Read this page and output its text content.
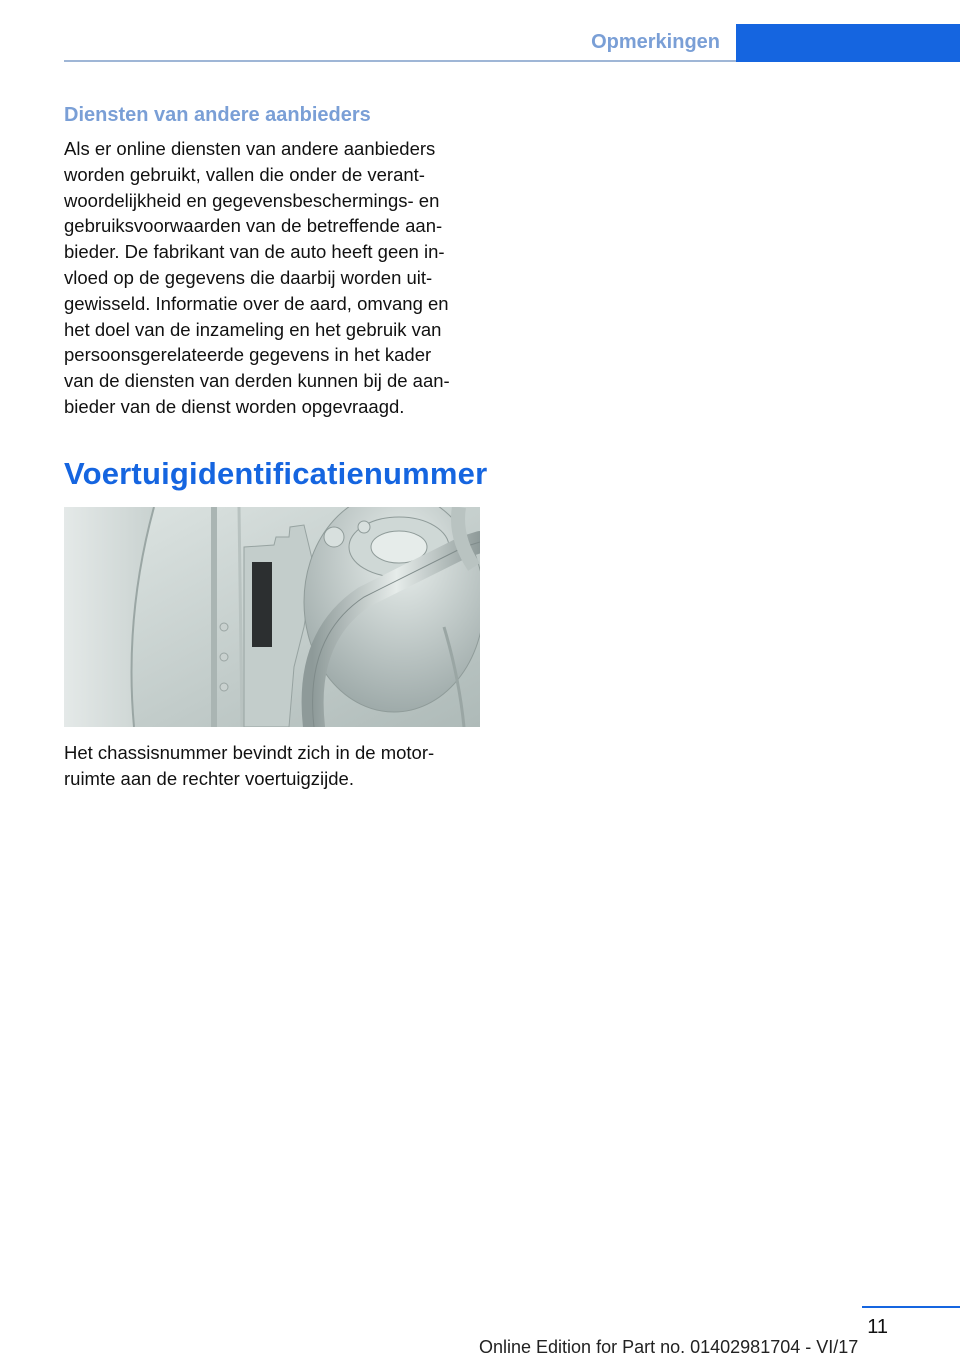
Opmerkingen
Diensten van andere aanbieders

Als er online diensten van andere aanbieders
worden gebruikt, vallen die onder de verant-
woordelijkheid en gegevensbeschermings- en
gebruiksvoorwaarden van de betreffende aan-
bieder. De fabrikant van de auto heeft geen in-
vloed op de gegevens die daarbij worden uit-
gewisseld. Informatie over de aard, omvang en
het doel van de inzameling en het gebruik van
persoonsgerelateerde gegevens in het kader
van de diensten van derden kunnen bij de aan-
bieder van de dienst worden opgevraagd.

Voertuigidentificatienummer

Het chassisnummer bevindt zich in de motor-
ruimte aan de rechter voertuigzijde.

11
Online Edition for Part no. 01402981704 - VI/17
